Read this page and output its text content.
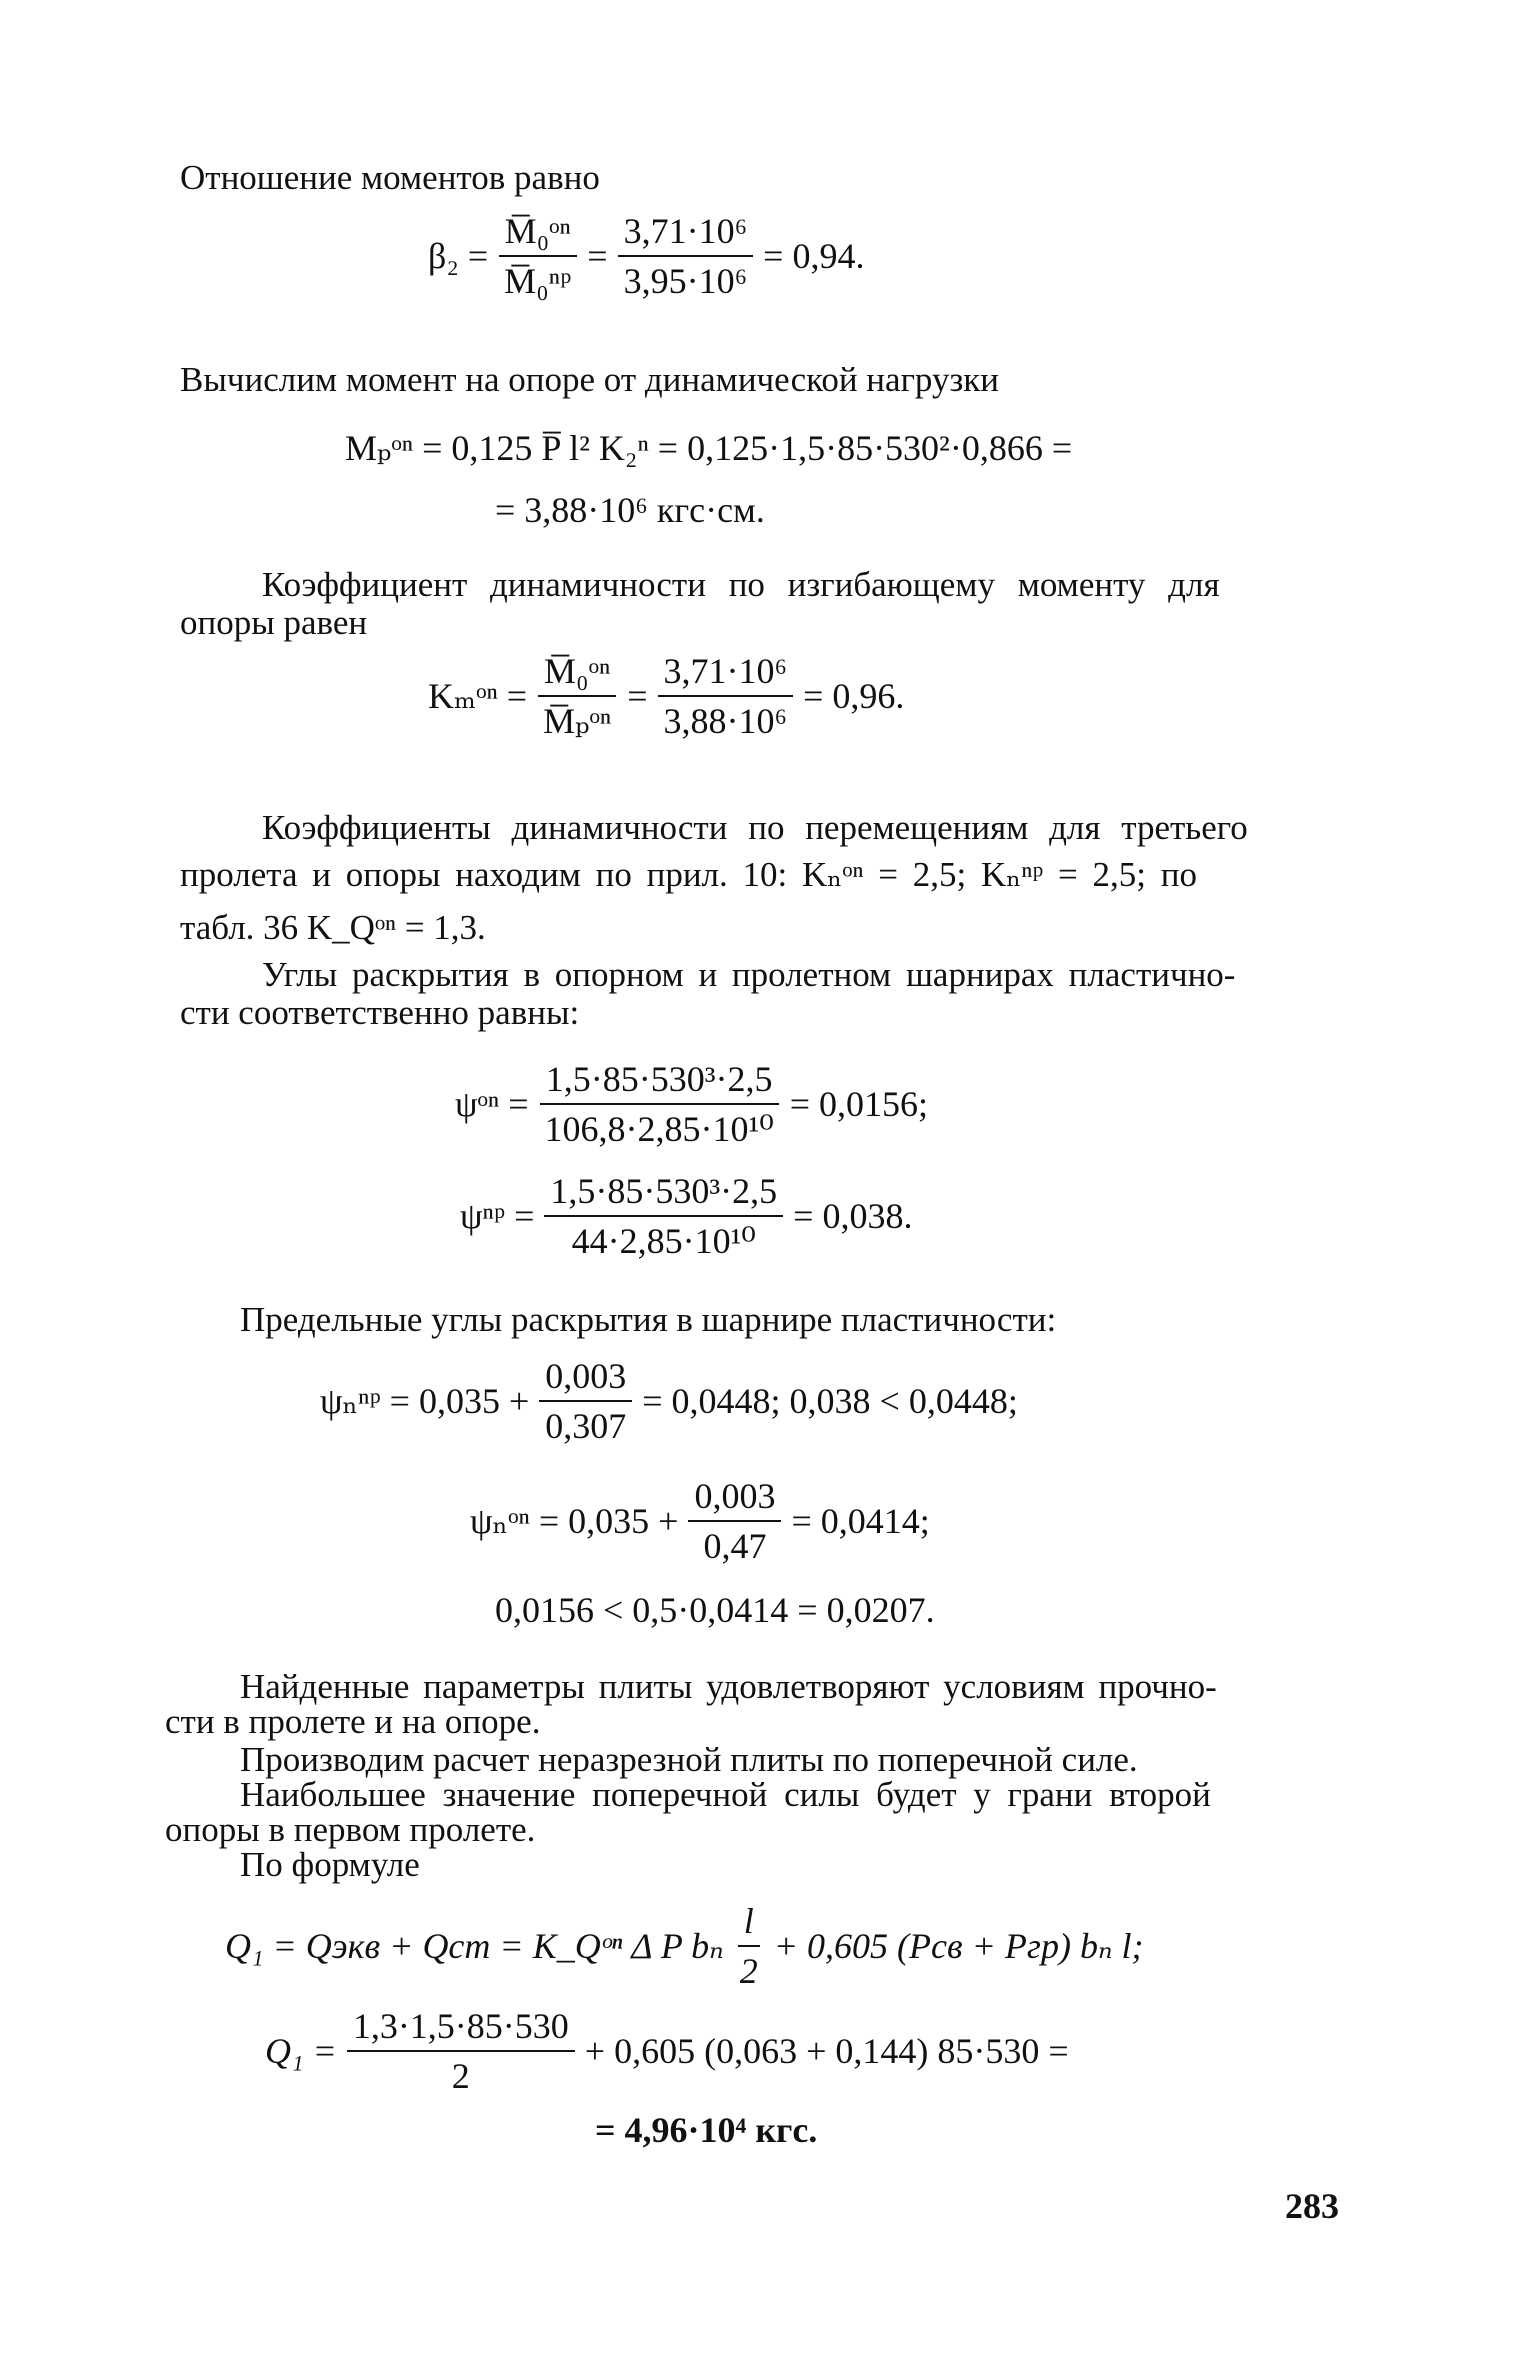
Отношение моментов равно
$\beta_2 = \frac{\text{M̅₀ᵒⁿ}}{\text{M̅₀ⁿᵖ}} = \frac{\text{3,71·10⁶}}{\text{3,95·10⁶}} = 0,94$.
Вычислим момент на опоре от динамической нагрузки
Mₚᵒⁿ = 0,125 P̅ l² K₂ⁿ = 0,125·1,5·85·530²·0,866 =
= 3,88·10⁶ кгс·см.
Коэффициент динамичности по изгибающему моменту для
опоры равен
Kₘᵒⁿ = $\frac{\text{M̅₀ᵒⁿ}}{\text{M̅ₚᵒⁿ}} = \frac{\text{3,71·10⁶}}{\text{3,88·10⁶}} = 0,96$.
Коэффициенты динамичности по перемещениям для третьего
пролета и опоры находим по прил. 10: Kₙᵒⁿ = 2,5; Kₙⁿᵖ = 2,5; по
табл. 36 K_Qᵒⁿ = 1,3.
Углы раскрытия в опорном и пролетном шарнирах пластично-
сти соответственно равны:
ψᵒⁿ = $\frac{\text{1,5·85·530³·2,5}}{\text{106,8·2,85·10¹⁰}} = 0,0156$;
ψⁿᵖ = $\frac{\text{1,5·85·530³·2,5}}{\text{44·2,85·10¹⁰}} = 0,038$.
Предельные углы раскрытия в шарнире пластичности:
ψₙⁿᵖ = $0,035 + \frac{0,003}{0,307} = 0,0448$; 0,038 < 0,0448;
ψₙᵒⁿ = $0,035 + \frac{0,003}{0,47} = 0,0414$;
0,0156 < 0,5·0,0414 = 0,0207.
Найденные параметры плиты удовлетворяют условиям прочно-
сти в пролете и на опоре.
Производим расчет неразрезной плиты по поперечной силе.
Наибольшее значение поперечной силы будет у грани второй
опоры в первом пролете.
По формуле
Q₁ = Qэкв + Qст = K_Qᵒⁿ Δ P bₙ $\frac{l}{2} + 0,605$ (Pсв + Pгр) bₙ l;
$Q_1 = \frac{1,3\cdot 1,5\cdot 85\cdot 530}{2} + 0,605$ (0,063 + 0,144) 85·530 =
= 4,96·10⁴ кгс.
283
